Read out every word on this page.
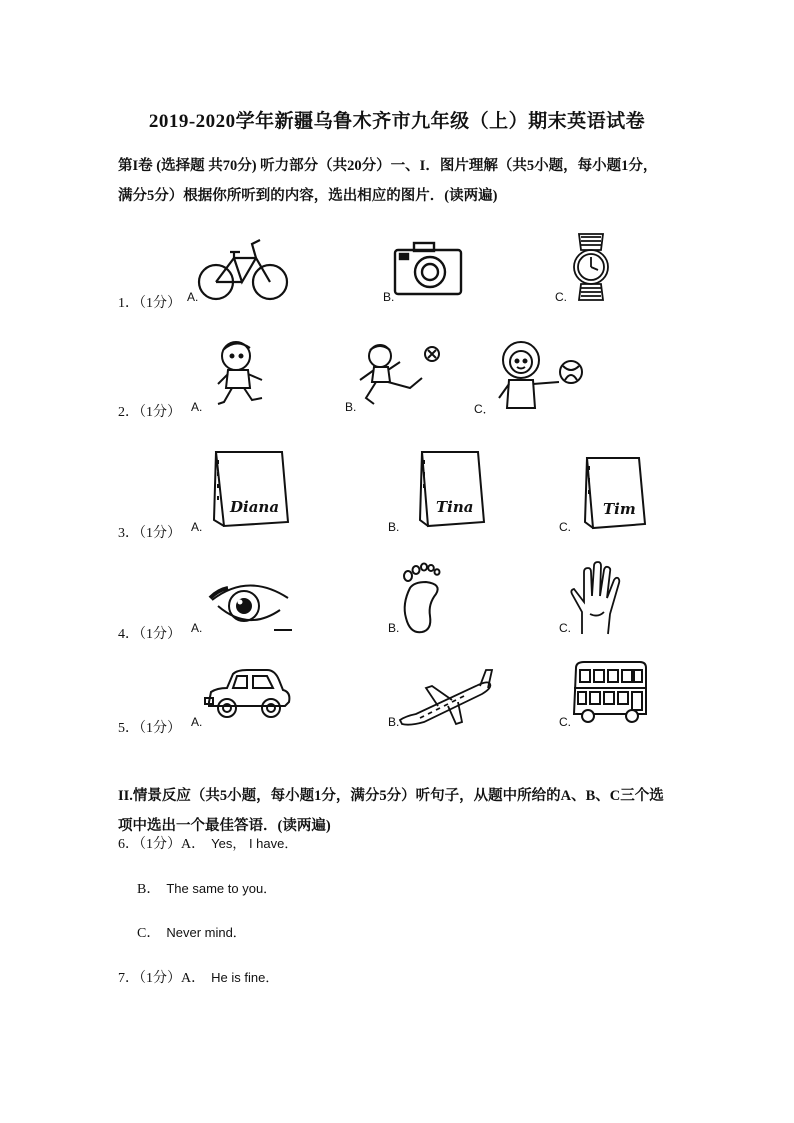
2019-2020学年新疆乌鲁木齐市九年级（上）期末英语试卷
第I卷 (选择题 共70分) 听力部分（共20分）一、I．图片理解（共5小题，每小题1分，
满分5分）根据你所听到的内容，选出相应的图片．(读两遍)
1．（1分） A.	B.	C.
2．（1分） A.	B.	C．
3．（1分） A.	B.	C.
Diana	Tina	Tim
4．（1分） A.	B.	C.
5．（1分） A.	B.	C.
II.情景反应（共5小题，每小题1分，满分5分）听句子，从题中所给的A、B、C三个选
项中选出一个最佳答语．(读两遍)
6．（1分）A． Yes， I have．
B． The same to you．
C． Never mind．
7．（1分）A． He is fine．
